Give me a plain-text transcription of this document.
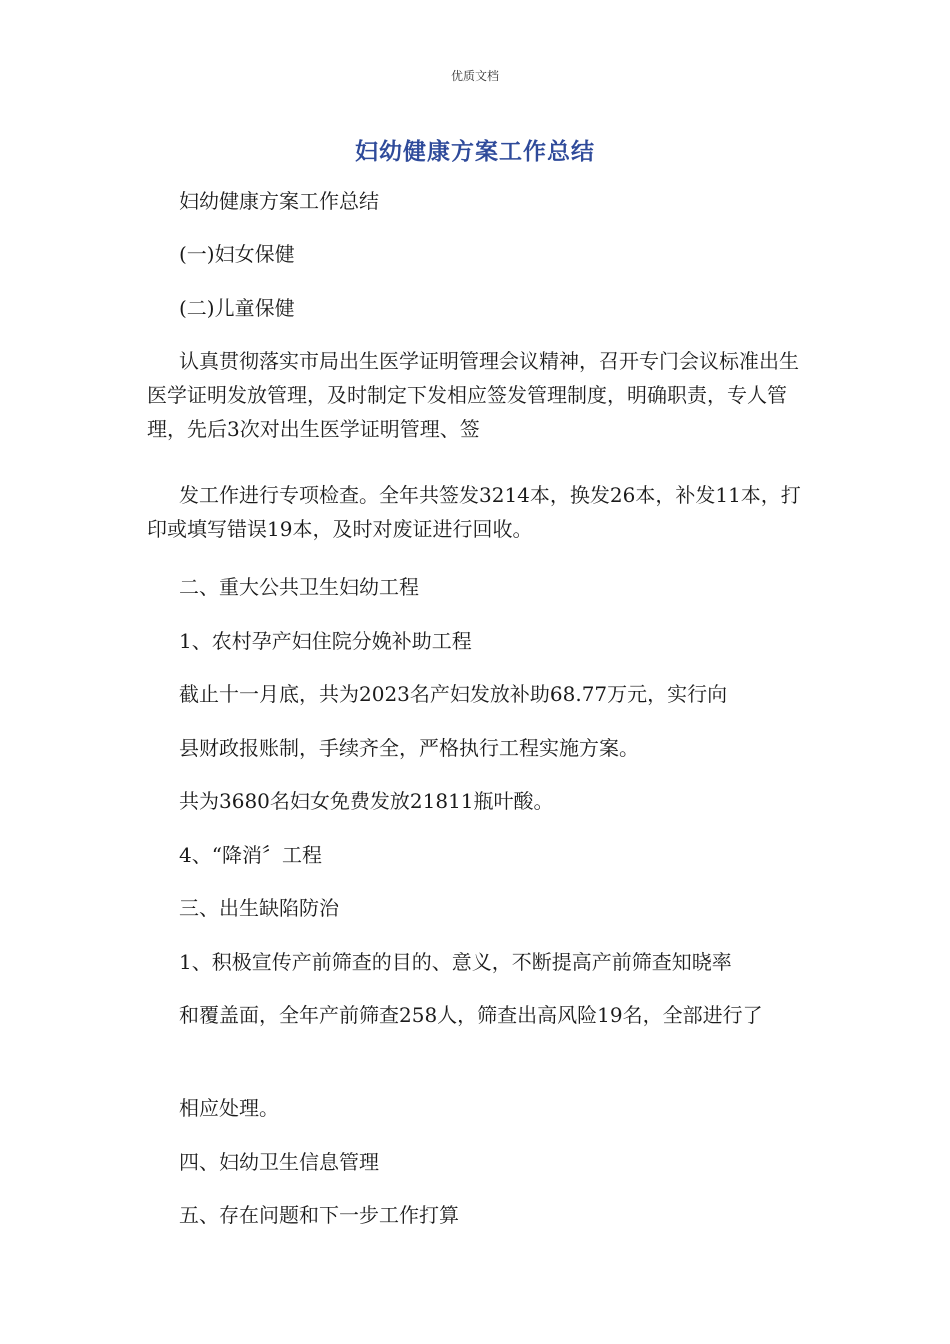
优质文档
妇幼健康方案工作总结
妇幼健康方案工作总结
(一)妇女保健
(二)儿童保健
认真贯彻落实市局出生医学证明管理会议精神，召开专门会议标准出生医学证明发放管理，及时制定下发相应签发管理制度，明确职责，专人管理，先后3次对出生医学证明管理、签
发工作进行专项检查。全年共签发3214本，换发26本，补发11本，打印或填写错误19本，及时对废证进行回收。
二、重大公共卫生妇幼工程
1、农村孕产妇住院分娩补助工程
截止十一月底，共为2023名产妇发放补助68.77万元，实行向
县财政报账制，手续齐全，严格执行工程实施方案。
共为3680名妇女免费发放21811瓶叶酸。
4、“降消〞工程
三、出生缺陷防治
1、积极宣传产前筛查的目的、意义，不断提高产前筛查知晓率
和覆盖面，全年产前筛查258人，筛查出高风险19名，全部进行了
相应处理。
四、妇幼卫生信息管理
五、存在问题和下一步工作打算
